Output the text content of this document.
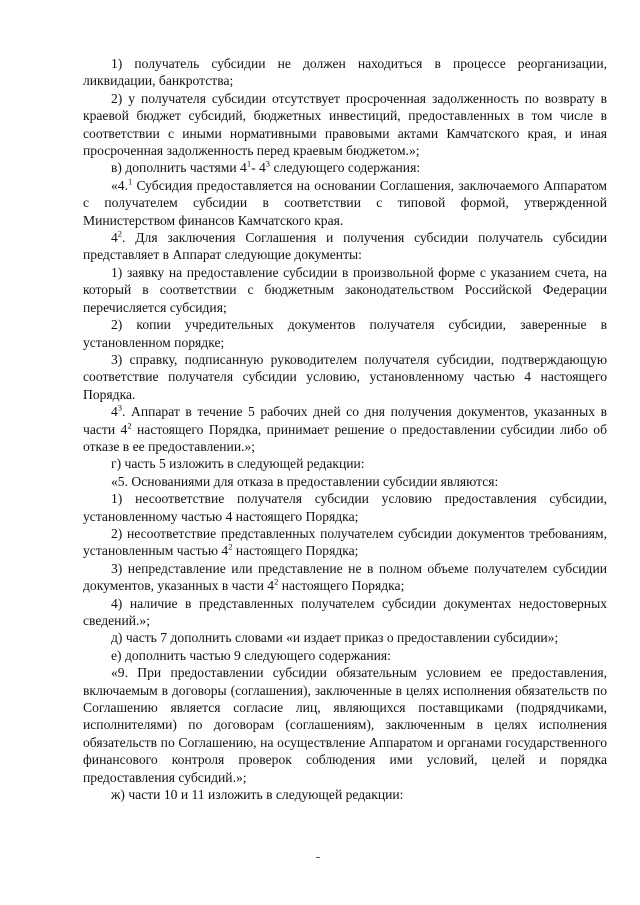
1) получатель субсидии не должен находиться в процессе реорганизации, ликвидации, банкротства;

2) у получателя субсидии отсутствует просроченная задолженность по возврату в краевой бюджет субсидий, бюджетных инвестиций, предоставленных в том числе в соответствии с иными нормативными правовыми актами Камчатского края, и иная просроченная задолженность перед краевым бюджетом.»;

в) дополнить частями $4^1-$ $4^3$ следующего содержания:

«4.$^1$ Субсидия предоставляется на основании Соглашения, заключаемого Аппаратом с получателем субсидии в соответствии с типовой формой, утвержденной Министерством финансов Камчатского края.

$4^2$. Для заключения Соглашения и получения субсидии получатель субсидии представляет в Аппарат следующие документы:

1) заявку на предоставление субсидии в произвольной форме с указанием счета, на который в соответствии с бюджетным законодательством Российской Федерации перечисляется субсидия;

2) копии учредительных документов получателя субсидии, заверенные в установленном порядке;

3) справку, подписанную руководителем получателя субсидии, подтверждающую соответствие получателя субсидии условию, установленному частью 4 настоящего Порядка.

$4^3$. Аппарат в течение 5 рабочих дней со дня получения документов, указанных в части $4^2$ настоящего Порядка, принимает решение о предоставлении субсидии либо об отказе в ее предоставлении.»;

г) часть 5 изложить в следующей редакции:

«5. Основаниями для отказа в предоставлении субсидии являются:

1) несоответствие получателя субсидии условию предоставления субсидии, установленному частью 4 настоящего Порядка;

2) несоответствие представленных получателем субсидии документов требованиям, установленным частью $4^2$ настоящего Порядка;

3) непредставление или представление не в полном объеме получателем субсидии документов, указанных в части $4^2$ настоящего Порядка;

4) наличие в представленных получателем субсидии документах недостоверных сведений.»;

д) часть 7 дополнить словами «и издает приказ о предоставлении субсидии»;

е) дополнить частью 9 следующего содержания:

«9. При предоставлении субсидии обязательным условием ее предоставления, включаемым в договоры (соглашения), заключенные в целях исполнения обязательств по Соглашению является согласие лиц, являющихся поставщиками (подрядчиками, исполнителями) по договорам (соглашениям), заключенным в целях исполнения обязательств по Соглашению, на осуществление Аппаратом и органами государственного финансового контроля проверок соблюдения ими условий, целей и порядка предоставления субсидий.»;

ж) части 10 и 11 изложить в следующей редакции:
